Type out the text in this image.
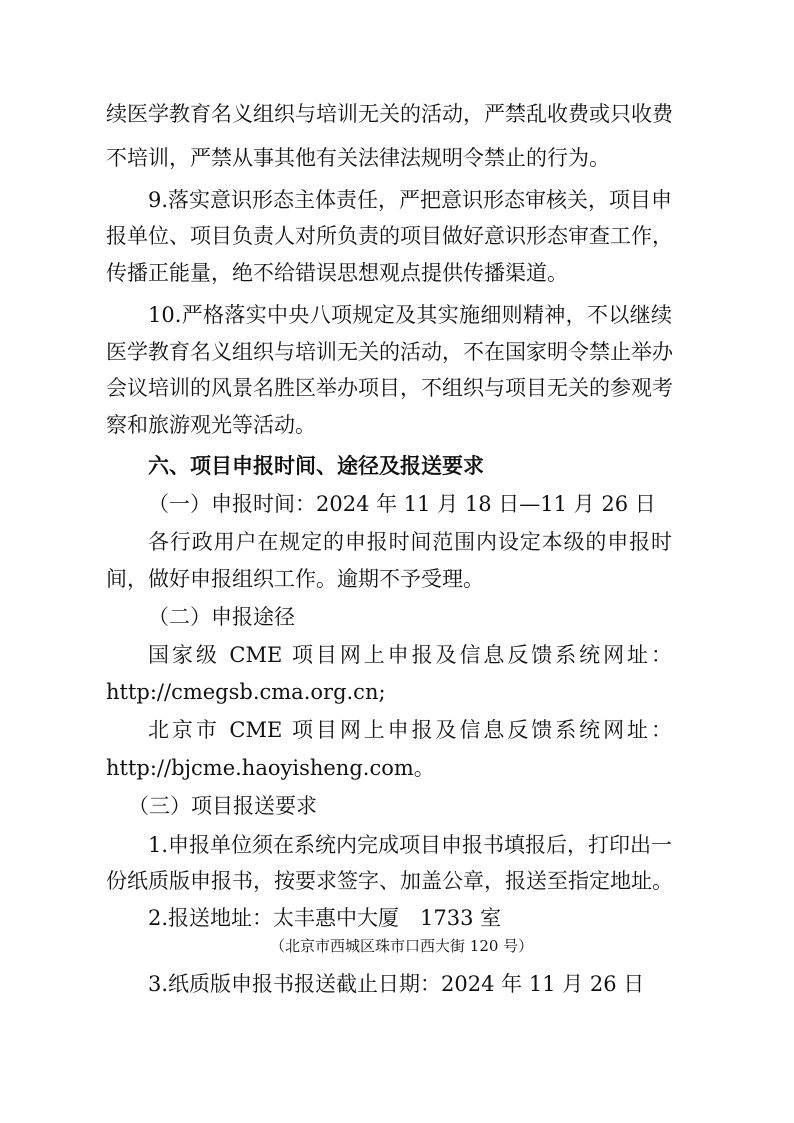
续医学教育名义组织与培训无关的活动，严禁乱收费或只收费
不培训，严禁从事其他有关法律法规明令禁止的行为。
9.落实意识形态主体责任，严把意识形态审核关，项目申
报单位、项目负责人对所负责的项目做好意识形态审查工作，
传播正能量，绝不给错误思想观点提供传播渠道。
10.严格落实中央八项规定及其实施细则精神，不以继续
医学教育名义组织与培训无关的活动，不在国家明令禁止举办
会议培训的风景名胜区举办项目，不组织与项目无关的参观考
察和旅游观光等活动。
六、项目申报时间、途径及报送要求
（一）申报时间：2024 年 11 月 18 日—11 月 26 日
各行政用户在规定的申报时间范围内设定本级的申报时
间，做好申报组织工作。逾期不予受理。
（二）申报途径
国家级 CME 项目网上申报及信息反馈系统网址：
http://cmegsb.cma.org.cn;
北京市 CME 项目网上申报及信息反馈系统网址：
http://bjcme.haoyisheng.com。
（三）项目报送要求
1.申报单位须在系统内完成项目申报书填报后，打印出一
份纸质版申报书，按要求签字、加盖公章，报送至指定地址。
2.报送地址：太丰惠中大厦　1733 室
（北京市西城区珠市口西大街 120 号）
3.纸质版申报书报送截止日期：2024 年 11 月 26 日
